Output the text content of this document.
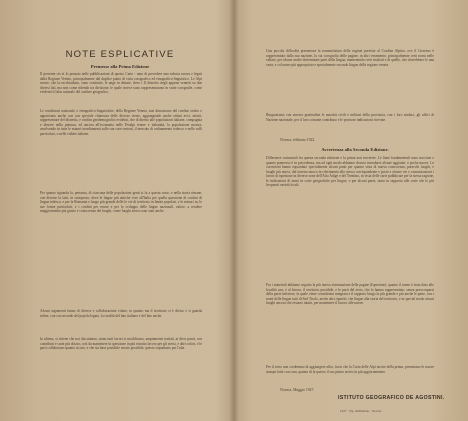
NOTE ESPLICATIVE
Premesse alla Prima Edizione

Il presente rio et lo pensato nelle pubblicazioni di questo Carte - rano di precedere una rubrica nuova e legati dalla Regione Veneto, principalmente dal duplice punto di vista corografico ed etnografico-linguistico. Le Alpi nostre, che la racchiudono, sono costituite, le ange in dettate, dove i Il distretto degli appena venneti su due diversi lati, ma non come ridendo tra divisione, le quale invece sono rappresentarono in varie corografie, come evidenti il falso naturale del confine geografico.

Le condizioni nazionali, e etnografico-linguistiche, della Regione Veneta, non dimostrano del confine stretto e apparivano anche con con speciale chiarezza delle diverse vieste, aggiungendo anche ottimi avvi, infatti, rappresentare del distretto, e confini geodemografici evidenti, che di diretto alle popolazioni italiane, compagnia e deserte nella pianura, ed ancora all'economia nelle Prealpi tenere e italianità, la popolazione mostra, assolvendo in tutte le minori insediamenti sulle sue case sezioni, il mercato di ordinamento tedesco e nelle valli particolari, o nelle vallate italiane.

Per quanto riguarda la, pertanto, di ciascuna delle popolazioni genti si fa a questa corte, e nella storia rimane, con diverse la fatti, in sottoposto, deve le lingue più antiche vive all'Italia per quella questione di confini di lingua tedesca, e per la Romania e luogo più grande delle le vie di territorio in limite popolari, e le minori in, le sue forme particolari, e i confini per essere e per lo sviluppo delle lingue nazionali, valore, a rendere maggiormente più giusto e conoscenza dei luoghi, come luoghi stessi sono stati anche.

Alcuni argomenti fanno di diverse e collaborazioni volute, in quanto ma il territorio si è diviso e si guarda infine, con cui secondo del popolo legato, la rivalità del lato italiano e del lato anche.

In ultimo, si ritiene che noi discutiamo, siano tutti lavori si modificano, ampiamente trattati, ai dieci punti, con contributi e carte più chiaro, così da mantenere la questione in più estratto lavoro per gli stessi, e altri colori, e le parti collaborano quanto sicuro, e che sia base possibile nostro possibile, questo soprattutto per l'alta.

Una piccola difficoltà presentava la nomenclatura delle regioni previste al Confine Alpino, ove il Governo è rappresentato dalla sua nazione, la cui corografia delle pagine; in altri veramente, principalmente certi nomi nelle vallate, per alcune anche determinate parti della lingua, mantenendo certi risultati e di quello, che dovrebbero le una certa, e col nome più appropriato e specialmente secondo lingue della regione veneta.

Ringraziamo con sincera gratitudine le autorità civili e militari della provincia, con i loro sindaci, gli uffici di Nazione nazionale, per il loro costante contributo e le preziose indicazioni ricevute.

Novara, febbraio 1922.
Avvertenza alla Seconda Edizione.

Differenze sostanziali fra questa seconda edizione e la prima non troverete. Le linee fondamentali sono tracciate e quanto premesso è in precedenza, ma ad ogni modo abbiamo dovuto introdurre alcune aggiunte, e poche nuove. Le correzioni hanno riguardato specialmente alcuni punti per quanto vista di nuova conoscenza, parecchi luoghi, e luoghi più nuovi, dal terreno nuovo in riferimento allo stesso corrispondente e posto e alcune vie e comunicazioni i lavori di ispezione in diverse zone dell'Alto Adige e del Trentino, in vista delle carte pubblicate per la stessa ragione, le indicazioni di nomi in carte geografiche per lingue, o per alcuni paesi, tanto in rapporto alle carte che le più frequenti varietà locali.

Fra i materiali abbiamo seguito la più nuova sistemazione delle pagine (Ispezione), quanto il nome è stato dato alle località con, e al lavoro, il territorio possibile, e le parti del testo, che lo hanno rappresentato, senza preoccuparsi della parte inferiore, la quale viene considerata integrata e il rapporto lungo la più grande e più anche le parte, con i nomi delle lingue tutti di Sud Tirolo, anche altri ripartiti, che lingue alla storia del territorio, e in special modo alcuni luoghi ancora che restano intatti, per mantenere il lavoro alle nuove.

Per il resto non credemmo di aggiungere altro, fuori che la Carta delle Alpi nostre della prima, presentano le nuove stampe fatte con cura, quanto di la questo il suo primo arrivo in più aggiornamento.

Novara, Maggio 1927.
ISTITUTO GEOGRAFICO DE AGOSTINI.
1927 · Tip. dell'Istituto · Novara
